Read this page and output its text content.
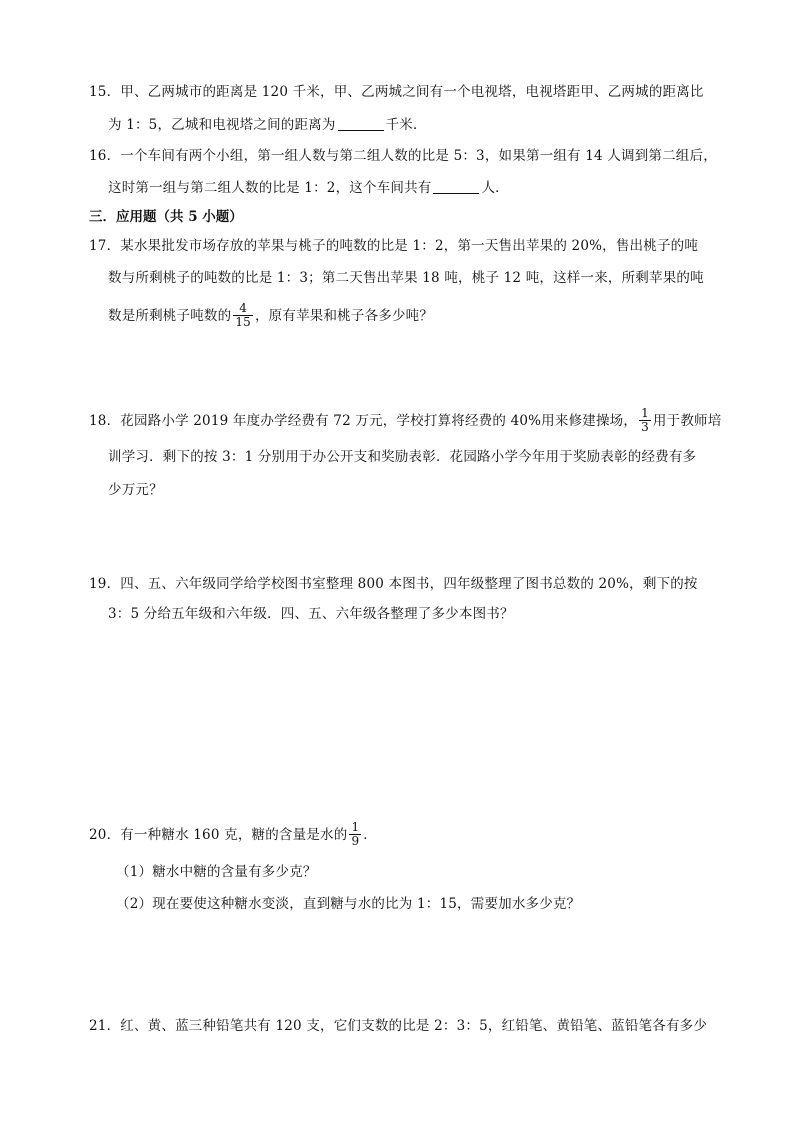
15．甲、乙两城市的距离是 120 千米，甲、乙两城之间有一个电视塔，电视塔距甲、乙两城的距离比
为 1：5，乙城和电视塔之间的距离为	千米．
16．一个车间有两个小组，第一组人数与第二组人数的比是 5：3，如果第一组有 14 人调到第二组后，
这时第一组与第二组人数的比是 1：2，这个车间共有	人．
三．应用题（共 5 小题）
17．某水果批发市场存放的苹果与桃子的吨数的比是 1：2，第一天售出苹果的 20%，售出桃子的吨
数与所剩桃子的吨数的比是 1：3；第二天售出苹果 18 吨，桃子 12 吨，这样一来，所剩苹果的吨
数是所剩桃子吨数的 $\frac{4}{15}$ ，原有苹果和桃子各多少吨？
18．花园路小学 2019 年度办学经费有 72 万元，学校打算将经费的 40%用来修建操场， $\frac{1}{3}$ 用于教师培
训学习．剩下的按 3：1 分别用于办公开支和奖励表彰．花园路小学今年用于奖励表彰的经费有多
少万元？
19．四、五、六年级同学给学校图书室整理 800 本图书，四年级整理了图书总数的 20%，剩下的按
3：5 分给五年级和六年级．四、五、六年级各整理了多少本图书？
20．有一种糖水 160 克，糖的含量是水的 $\frac{1}{9}$ ．
（1）糖水中糖的含量有多少克？
（2）现在要使这种糖水变淡，直到糖与水的比为 1：15，需要加水多少克？
21．红、黄、蓝三种铅笔共有 120 支，它们支数的比是 2：3：5，红铅笔、黄铅笔、蓝铅笔各有多少
